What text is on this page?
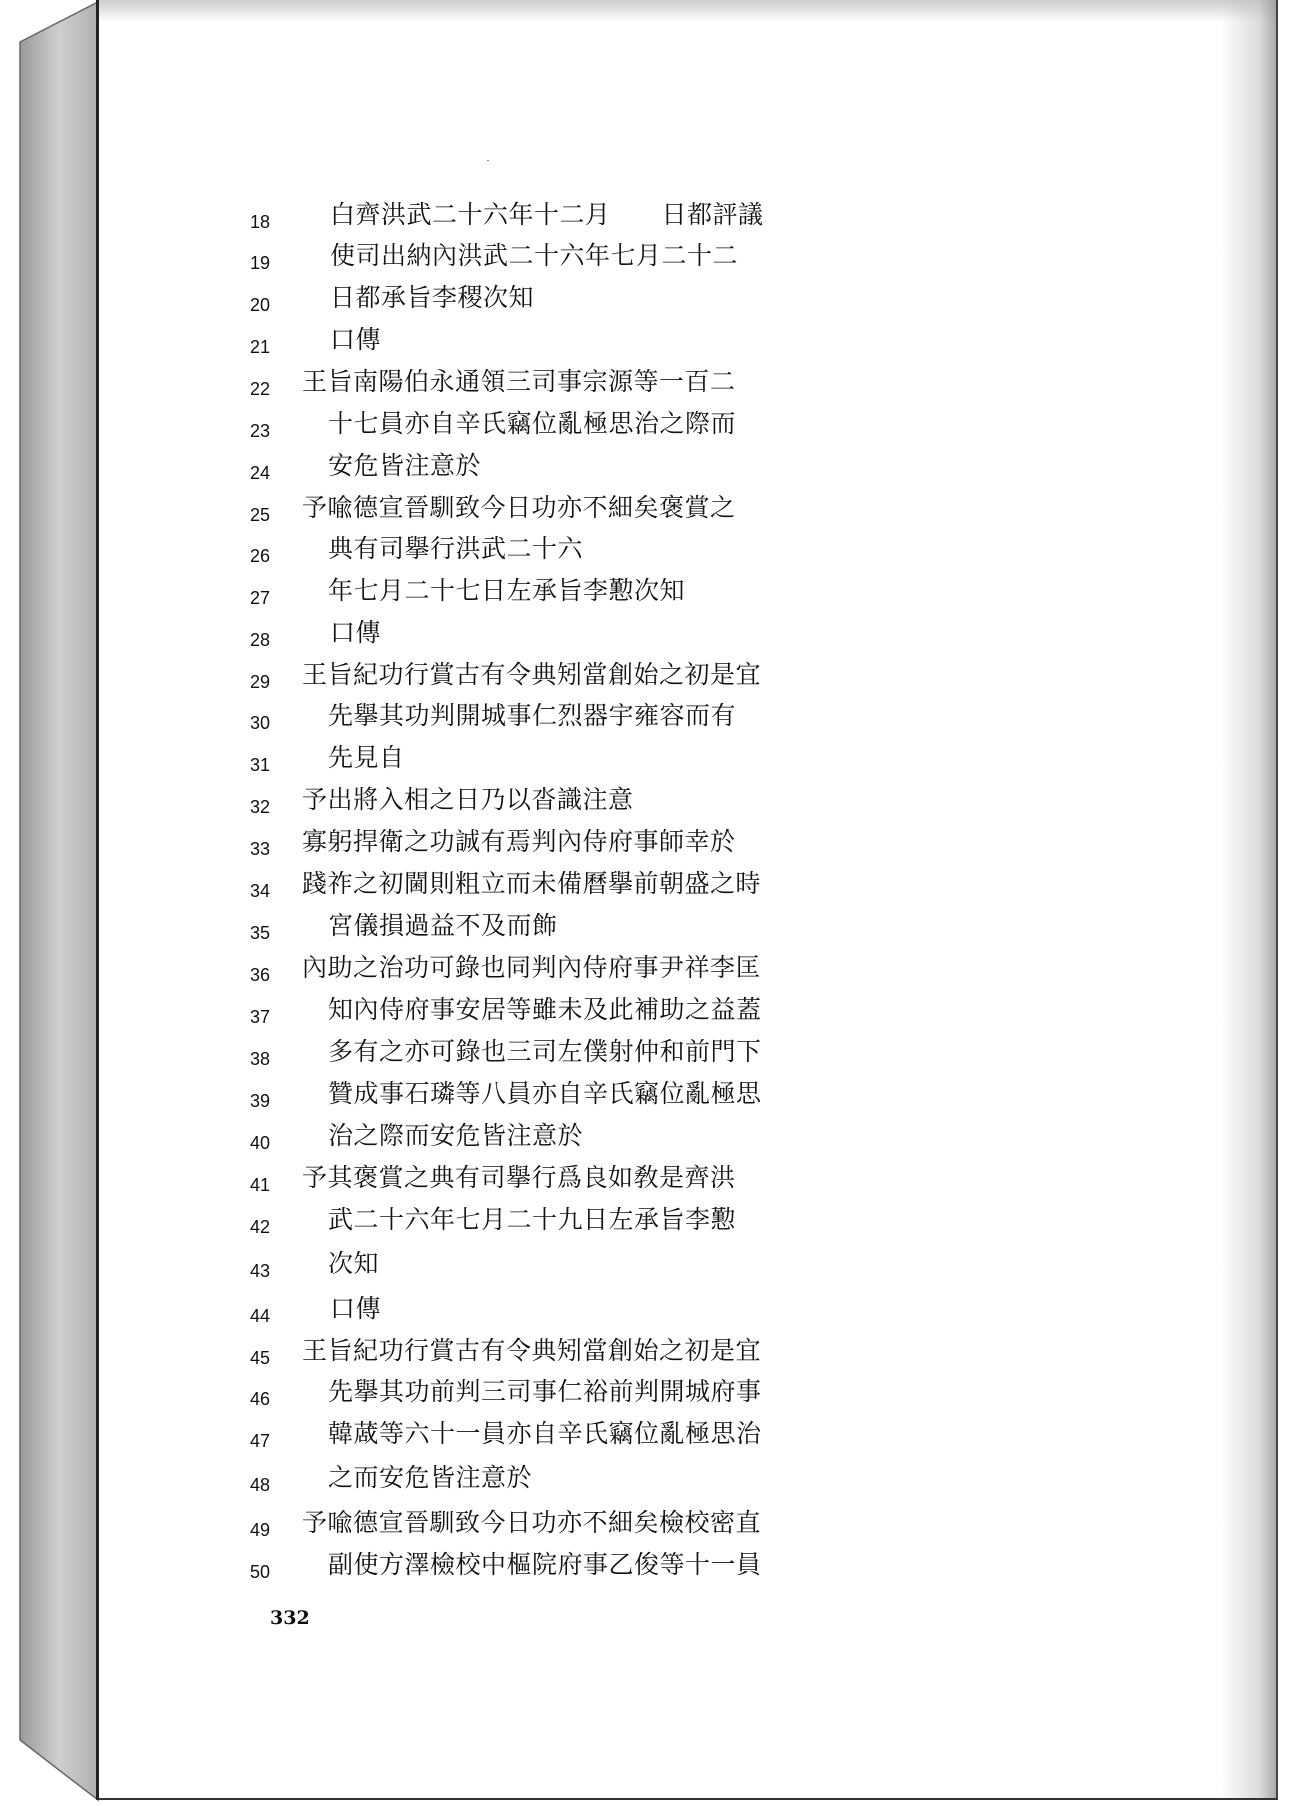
18 白齊洪武二十六年十二月　　日都評議
19 使司出納內洪武二十六年七月二十二
20 日都承旨李稷次知
21 口傳
22 王旨南陽伯永通領三司事宗源等一百二
23 十七員亦自辛氏竊位亂極思治之際而
24 安危皆注意於
25 予喩德宣晉馴致今日功亦不細矣褒賞之
26 典有司擧行洪武二十六
27 年七月二十七日左承旨李懃次知
28 口傳
29 王旨紀功行賞古有令典矧當創始之初是宜
30 先擧其功判開城事仁烈器宇雍容而有
31 先見自
32 予出將入相之日乃以沓識注意
33 寡躬捍衛之功誠有焉判內侍府事師幸於
34 踐祚之初閫則粗立而未備曆擧前朝盛之時
35 宮儀損過益不及而飾
36 內助之治功可錄也同判內侍府事尹祥李匡
37 知內侍府事安居等雖未及此補助之益蓋
38 多有之亦可錄也三司左僕射仲和前門下
39 贊成事石璘等八員亦自辛氏竊位亂極思
40 治之際而安危皆注意於
41 予其褒賞之典有司擧行爲良如敎是齊洪
42 武二十六年七月二十九日左承旨李懃
43 次知
44 口傳
45 王旨紀功行賞古有令典矧當創始之初是宜
46 先擧其功前判三司事仁裕前判開城府事
47 韓蒧等六十一員亦自辛氏竊位亂極思治
48 之而安危皆注意於
49 予喩德宣晉馴致今日功亦不細矣檢校密直
50 副使方澤檢校中樞院府事乙俊等十一員
332
